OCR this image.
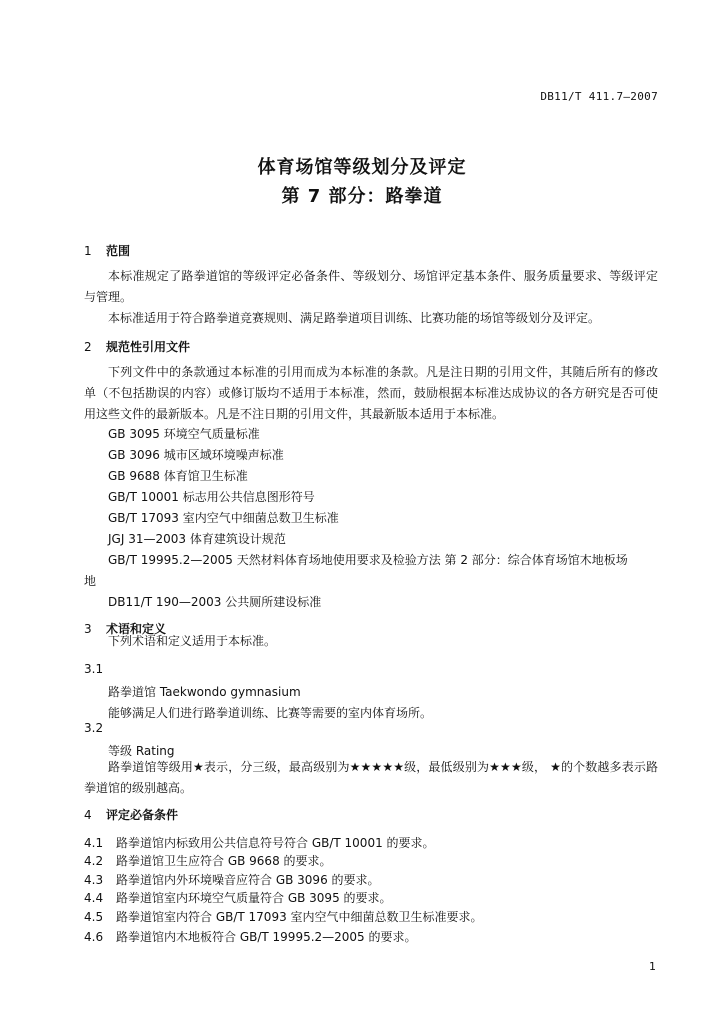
DB11/T 411.7—2007
体育场馆等级划分及评定
第 7 部分：路拳道
1 范围
本标准规定了路拳道馆的等级评定必备条件、等级划分、场馆评定基本条件、服务质量要求、等级评定与管理。
本标准适用于符合路拳道竞赛规则、满足路拳道项目训练、比赛功能的场馆等级划分及评定。
2 规范性引用文件
下列文件中的条款通过本标准的引用而成为本标准的条款。凡是注日期的引用文件，其随后所有的修改单（不包括勘误的内容）或修订版均不适用于本标准，然而，鼓励根据本标准达成协议的各方研究是否可使用这些文件的最新版本。凡是不注日期的引用文件，其最新版本适用于本标准。
GB 3095 环境空气质量标准
GB 3096 城市区域环境噪声标准
GB 9688 体育馆卫生标准
GB/T 10001 标志用公共信息图形符号
GB/T 17093 室内空气中细菌总数卫生标准
JGJ 31—2003 体育建筑设计规范
GB/T 19995.2—2005 天然材料体育场地使用要求及检验方法 第 2 部分：综合体育场馆木地板场
地
DB11/T 190—2003 公共厕所建设标准
3 术语和定义
下列术语和定义适用于本标准。
3.1
路拳道馆 Taekwondo gymnasium
能够满足人们进行路拳道训练、比赛等需要的室内体育场所。
3.2
等级 Rating
路拳道馆等级用★表示，分三级，最高级别为★★★★★级，最低级别为★★★级， ★的个数越多表示路拳道馆的级别越高。
4 评定必备条件
4.1 路拳道馆内标致用公共信息符号符合 GB/T 10001 的要求。
4.2 路拳道馆卫生应符合 GB 9668 的要求。
4.3 路拳道馆内外环境噪音应符合 GB 3096 的要求。
4.4 路拳道馆室内环境空气质量符合 GB 3095 的要求。
4.5 路拳道馆室内符合 GB/T 17093 室内空气中细菌总数卫生标准要求。
4.6 路拳道馆内木地板符合 GB/T 19995.2—2005 的要求。
1
